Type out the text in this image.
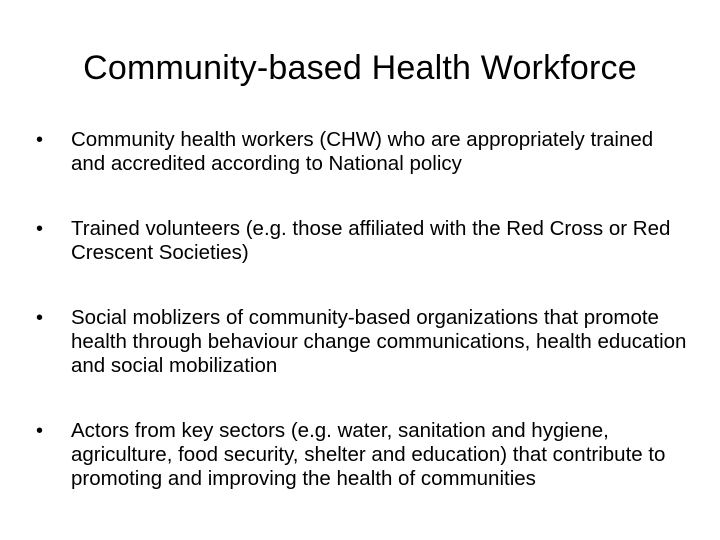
Community-based Health Workforce
•	Community health workers (CHW) who are appropriately trained and accredited according to National policy
•	Trained volunteers (e.g. those affiliated with the Red Cross or Red Crescent Societies)
•	Social moblizers of community-based organizations that promote health through behaviour change communications, health education and social mobilization
•	Actors from key sectors (e.g. water, sanitation and hygiene, agriculture, food security, shelter and education) that contribute to promoting and improving the health of communities
